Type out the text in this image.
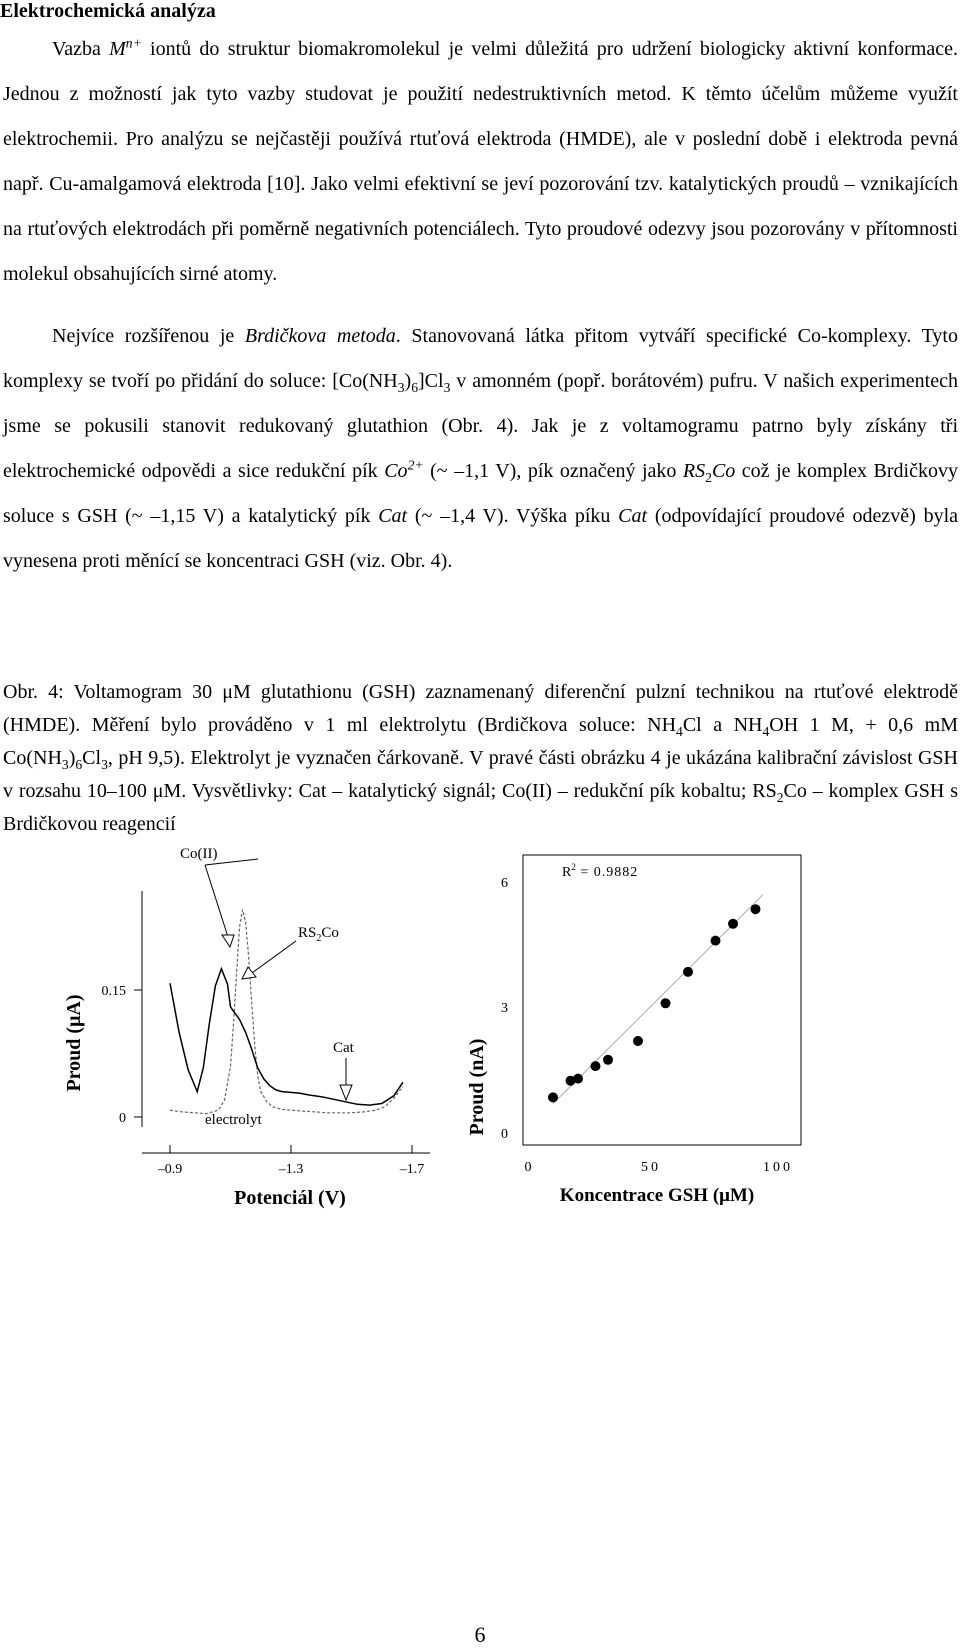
Elektrochemická analýza

Vazba $M^{n+}$ iontů do struktur biomakromolekul je velmi důležitá pro udržení biologicky aktivní konformace. Jednou z možností jak tyto vazby studovat je použití nedestruktivních metod. K těmto účelům můžeme využít elektrochemii. Pro analýzu se nejčastěji používá rtuťová elektroda (HMDE), ale v poslední době i elektroda pevná např. Cu-amalgamová elektroda [10]. Jako velmi efektivní se jeví pozorování tzv. katalytických proudů – vznikajících na rtuťových elektrodách při poměrně negativních potenciálech. Tyto proudové odezvy jsou pozorovány v přítomnosti molekul obsahujících sirné atomy.

Nejvíce rozšířenou je Brdičkova metoda. Stanovovaná látka přitom vytváří specifické Co-komplexy. Tyto komplexy se tvoří po přidání do soluce: $[Co(NH_3)_6]Cl_3$ v amonném (popř. borátovém) pufru. V našich experimentech jsme se pokusili stanovit redukovaný glutathion (Obr. 4). Jak je z voltamogramu patrno byly získány tři elektrochemické odpovědi a sice redukční pík $Co^{2+}$ (~ –1,1 V), pík označený jako $RS_2Co$ což je komplex Brdičkovy soluce s GSH (~ –1,15 V) a katalytický pík Cat (~ –1,4 V). Výška píku Cat (odpovídající proudové odezvě) byla vynesena proti měnící se koncentraci GSH (viz. Obr. 4).

Obr. 4: Voltamogram 30 μM glutathionu (GSH) zaznamenaný diferenční pulzní technikou na rtuťové elektrodě (HMDE). Měření bylo prováděno v 1 ml elektrolytu (Brdičkova soluce: $NH_4Cl$ a $NH_4OH$ 1 M, + 0,6 mM $Co(NH_3)_6Cl_3$, pH 9,5). Elektrolyt je vyznačen čárkovaně. V pravé části obrázku 4 je ukázána kalibrační závislost GSH v rozsahu 10–100 μM. Vysvětlivky: Cat – katalytický signál; Co(II) – redukční pík kobaltu; $RS_2Co$ – komplex GSH s Brdičkovou reagencií

Proud (μA)
0.15
0
–0.9	–1.3	–1.7
Potenciál (V)
Co(II)
$RS_2Co$
Cat
electrolyt	Proud (nA)
6
3
0
0	50	100
Koncentrace GSH (μM)
$R^2 = 0.9882$
6
